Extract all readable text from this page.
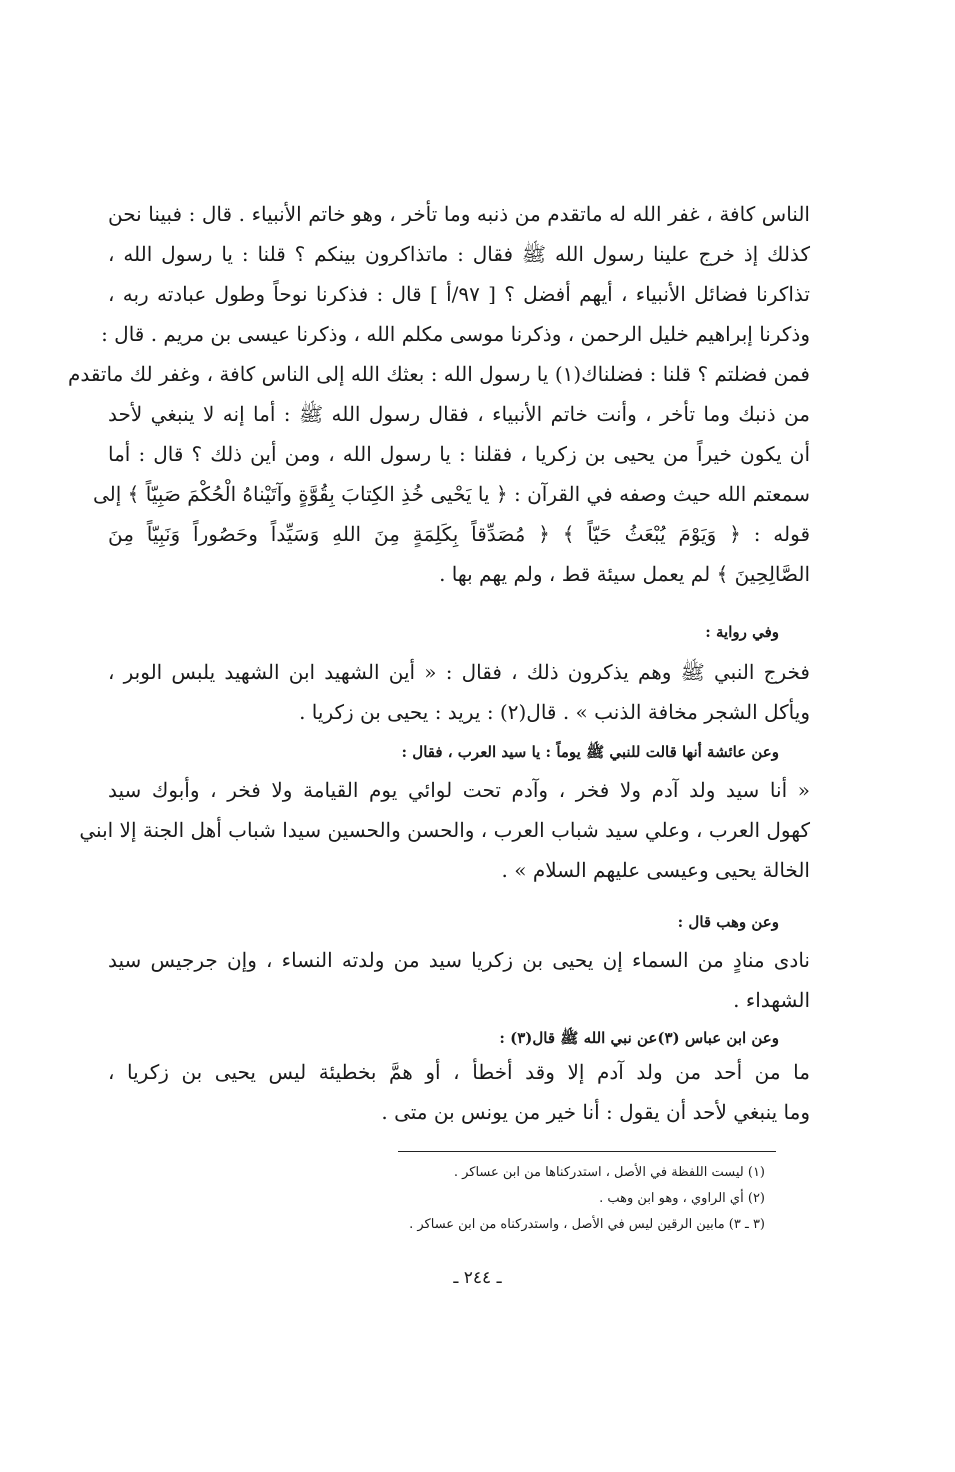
الناس كافة ، غفر الله له ماتقدم من ذنبه وما تأخر ، وهو خاتم الأنبياء . قال : فبينا نحن
كذلك إذ خرج علينا رسول الله ﷺ فقال : ماتذاكرون بينكم ؟ قلنا : يا رسول الله ،
تذاكرنا فضائل الأنبياء ، أيهم أفضل ؟ [ ٩٧/أ ] قال : فذكرنا نوحاً وطول عبادته ربه ،
وذكرنا إبراهيم خليل الرحمن ، وذكرنا موسى مكلم الله ، وذكرنا عيسى بن مريم . قال :
فمن فضلتم ؟ قلنا : فضلناك(١) يا رسول الله : بعثك الله إلى الناس كافة ، وغفر لك ماتقدم
من ذنبك وما تأخر ، وأنت خاتم الأنبياء ، فقال رسول الله ﷺ : أما إنه لا ينبغي لأحد
أن يكون خيراً من يحيى بن زكريا ، فقلنا : يا رسول الله ، ومن أين ذلك ؟ قال : أما
سمعتم الله حيث وصفه في القرآن : ﴿ يا يَحْيى خُذِ الكِتابَ بِقُوَّةٍ وآتَيْناهُ الْحُكْمَ صَبِيّاً ﴾ إلى
قوله : ﴿ وَيَوْمَ يُبْعَثُ حَيّاً ﴾ ﴿ مُصَدِّقاً بِكَلِمَةٍ مِنَ اللهِ وَسَيِّداً وحَصُوراً وَنَبِيّاً مِنَ
الصَّالِحِينَ ﴾ لم يعمل سيئة قط ، ولم يهم بها .
وفي رواية :
فخرج النبي ﷺ وهم يذكرون ذلك ، فقال : « أين الشهيد ابن الشهيد يلبس الوبر ،
ويأكل الشجر مخافة الذنب » . قال(٢) : يريد : يحيى بن زكريا .
وعن عائشة أنها قالت للنبي ﷺ يوماً : يا سيد العرب ، فقال :
« أنا سيد ولد آدم ولا فخر ، وآدم تحت لوائي يوم القيامة ولا فخر ، وأبوك سيد
كهول العرب ، وعلي سيد شباب العرب ، والحسن والحسين سيدا شباب أهل الجنة إلا ابني
الخالة يحيى وعيسى عليهم السلام » .
وعن وهب قال :
نادى منادٍ من السماء إن يحيى بن زكريا سيد من ولدته النساء ، وإن جرجيس سيد
الشهداء .
وعن ابن عباس (٣)عن نبي الله ﷺ قال(٣) :
ما من أحد من ولد آدم إلا وقد أخطأ ، أو همَّ بخطيئة ليس يحيى بن زكريا ،
وما ينبغي لأحد أن يقول : أنا خير من يونس بن متى .
(١) ليست اللفظة في الأصل ، استدركناها من ابن عساكر .
(٢) أي الراوي ، وهو ابن وهب .
(٣ ـ ٣) مابين الرقين ليس في الأصل ، واستدركناه من ابن عساكر .
ـ ٢٤٤ ـ
